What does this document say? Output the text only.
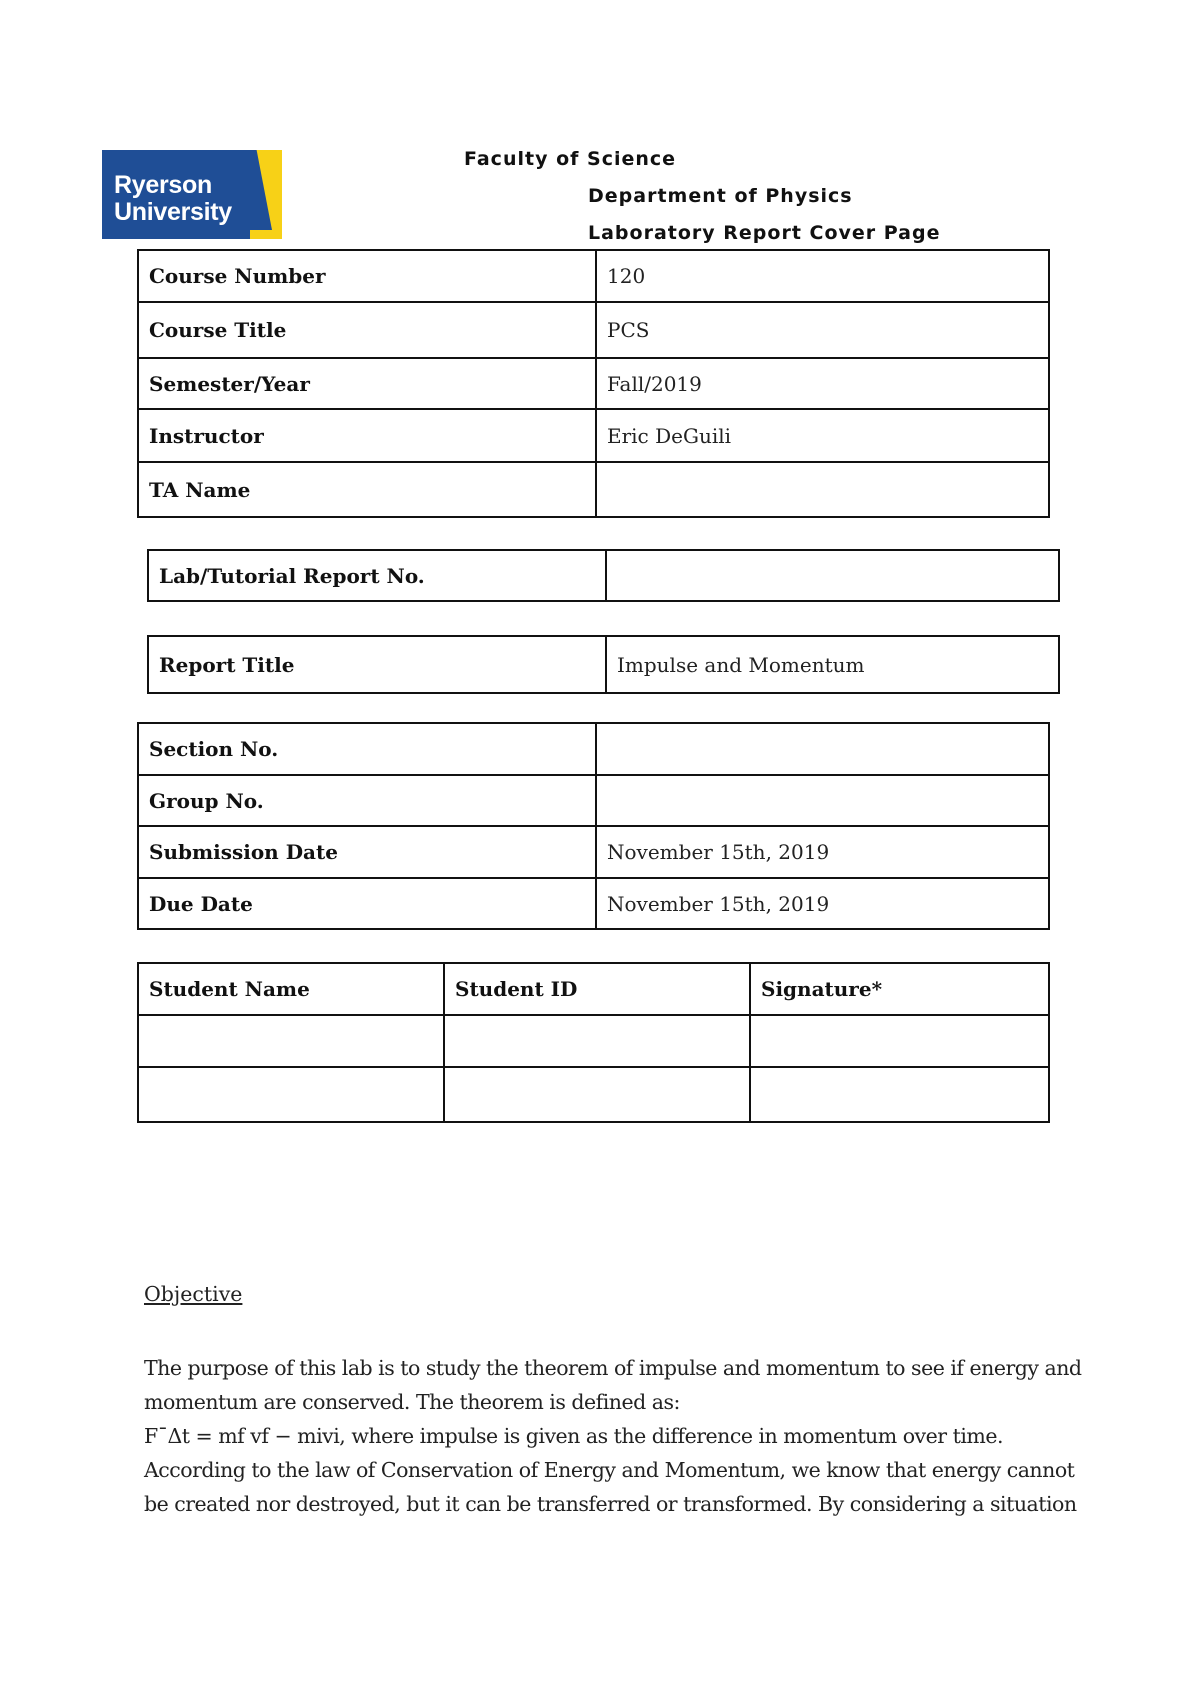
Ryerson
University
Faculty of Science
Department of Physics
Laboratory Report Cover Page
Course Number	120
Course Title	PCS
Semester/Year	Fall/2019
Instructor	Eric DeGuili
TA Name	
Lab/Tutorial Report No.	
Report Title	Impulse and Momentum
Section No.	
Group No.	
Submission Date	November 15th, 2019
Due Date	November 15th, 2019
Student Name	Student ID	Signature*

Objective
The purpose of this lab is to study the theorem of impulse and momentum to see if energy and
momentum are conserved. The theorem is defined as:
F¯Δt = mf vf − mivi, where impulse is given as the difference in momentum over time.
According to the law of Conservation of Energy and Momentum, we know that energy cannot
be created nor destroyed, but it can be transferred or transformed. By considering a situation
